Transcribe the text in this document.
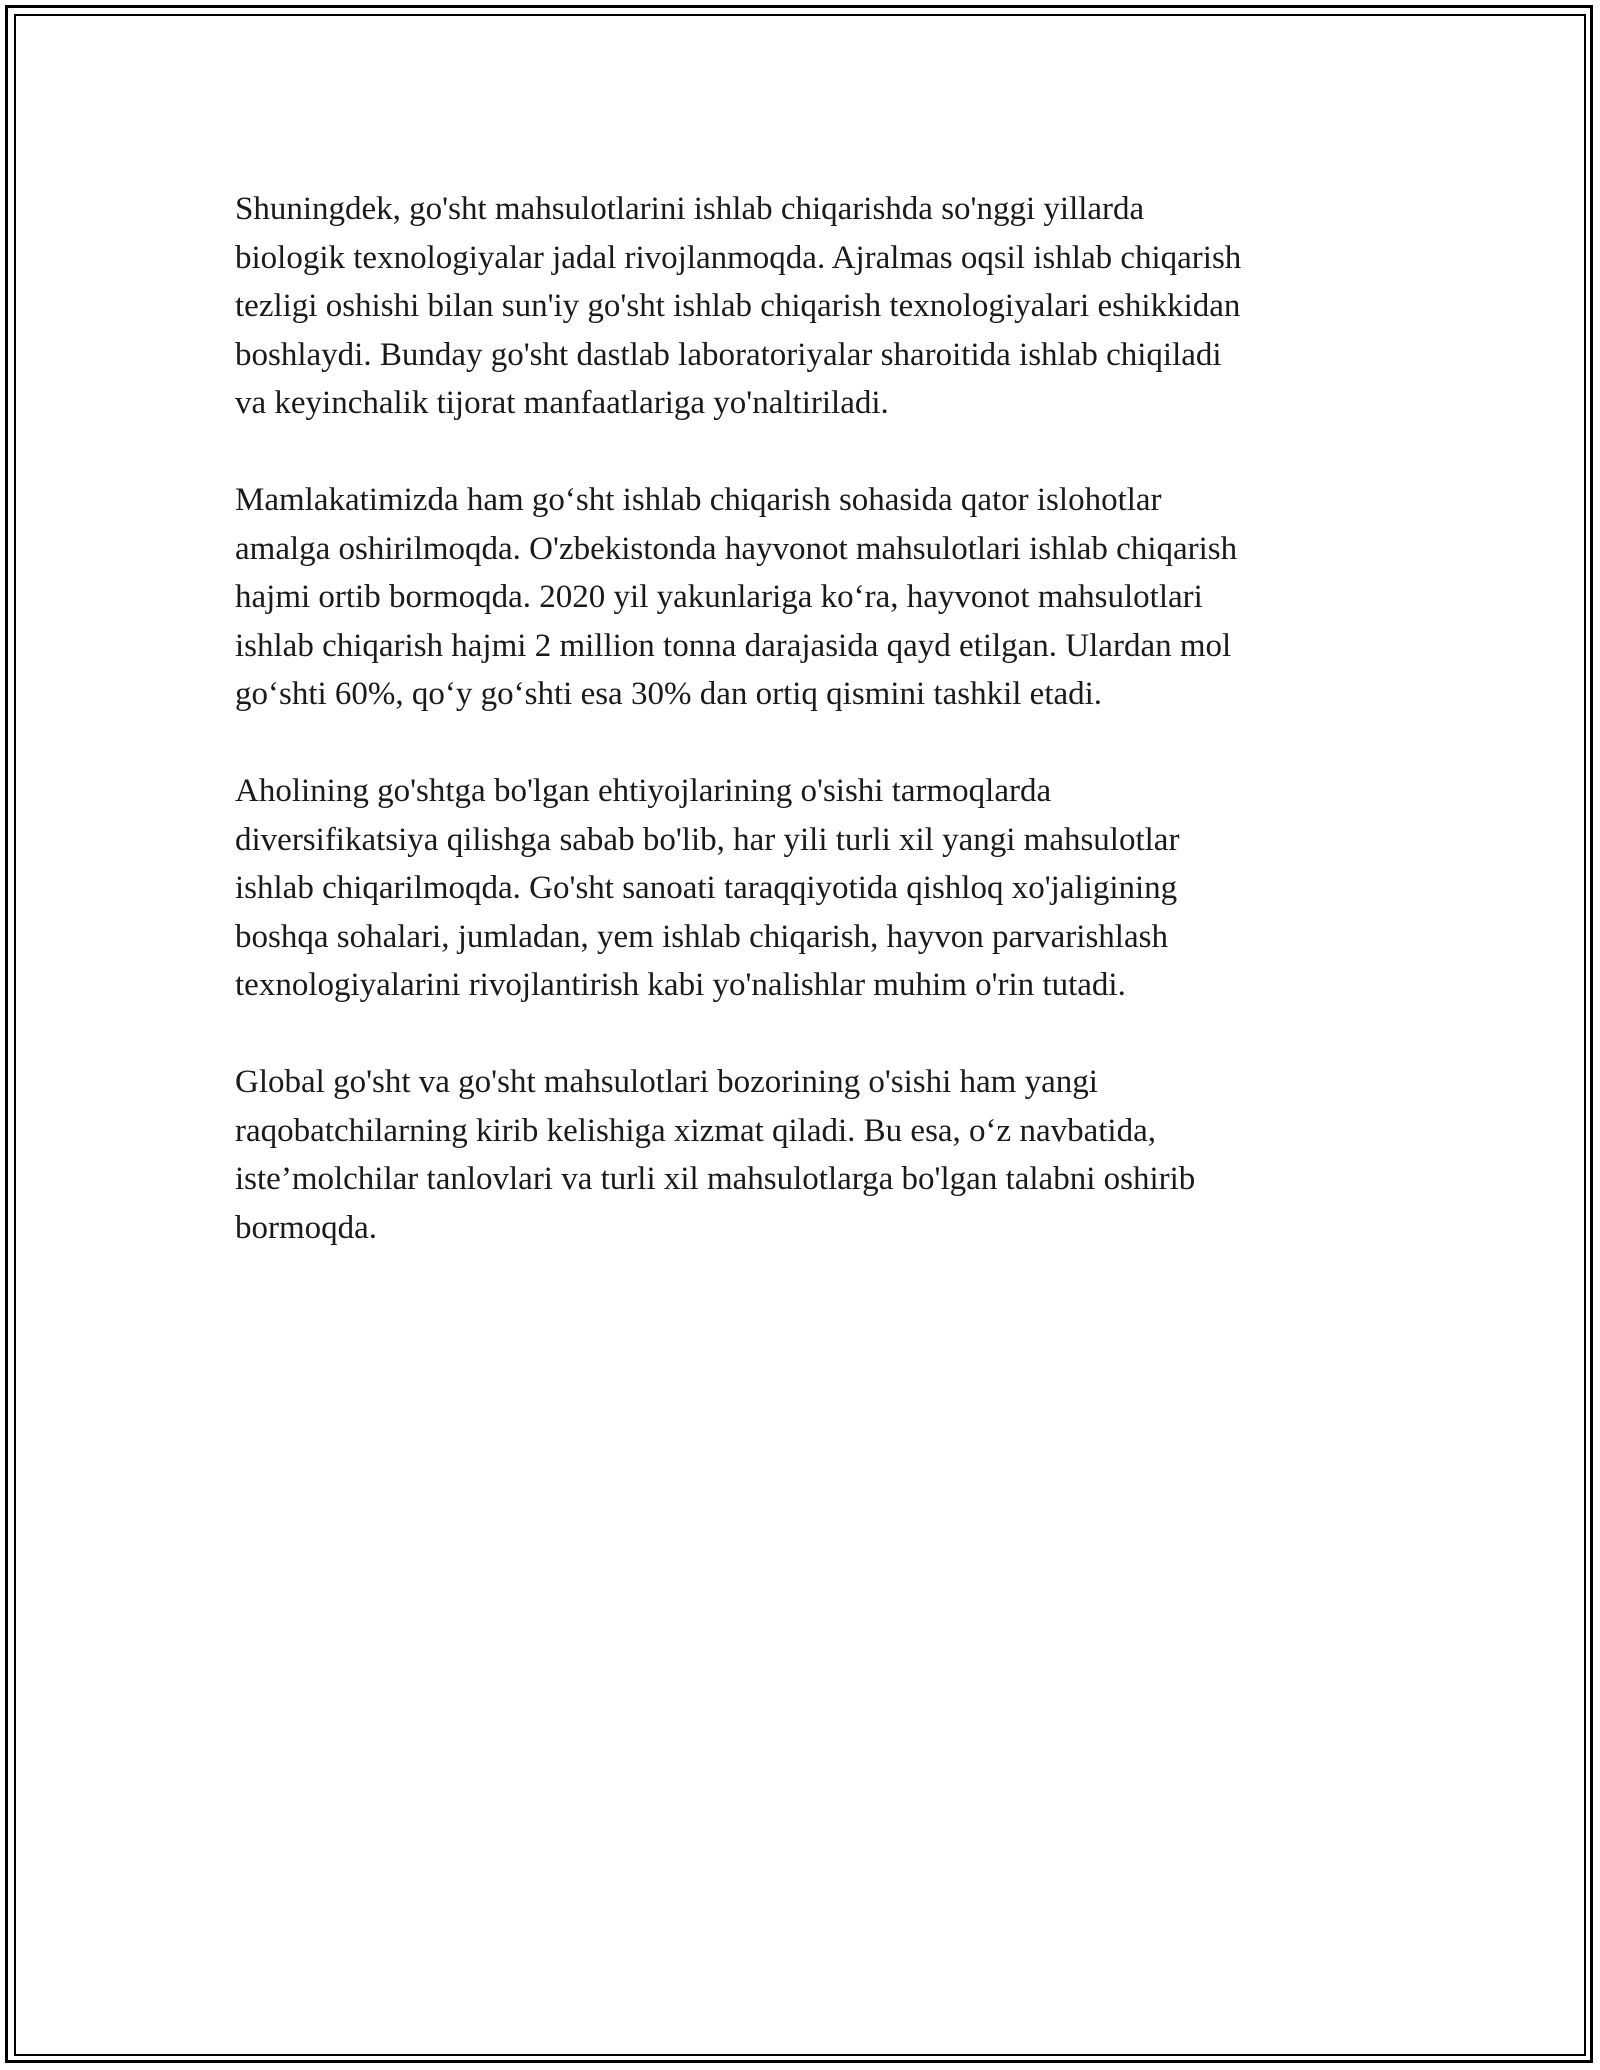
Shuningdek, go'sht mahsulotlarini ishlab chiqarishda so'nggi yillarda
biologik texnologiyalar jadal rivojlanmoqda. Ajralmas oqsil ishlab chiqarish
tezligi oshishi bilan sun'iy go'sht ishlab chiqarish texnologiyalari eshikkidan
boshlaydi. Bunday go'sht dastlab laboratoriyalar sharoitida ishlab chiqiladi
va keyinchalik tijorat manfaatlariga yo'naltiriladi.

Mamlakatimizda ham go‘sht ishlab chiqarish sohasida qator islohotlar
amalga oshirilmoqda. O'zbekistonda hayvonot mahsulotlari ishlab chiqarish
hajmi ortib bormoqda. 2020 yil yakunlariga ko‘ra, hayvonot mahsulotlari
ishlab chiqarish hajmi 2 million tonna darajasida qayd etilgan. Ulardan mol
go‘shti 60%, qo‘y go‘shti esa 30% dan ortiq qismini tashkil etadi.

Aholining go'shtga bo'lgan ehtiyojlarining o'sishi tarmoqlarda
diversifikatsiya qilishga sabab bo'lib, har yili turli xil yangi mahsulotlar
ishlab chiqarilmoqda. Go'sht sanoati taraqqiyotida qishloq xo'jaligining
boshqa sohalari, jumladan, yem ishlab chiqarish, hayvon parvarishlash
texnologiyalarini rivojlantirish kabi yo'nalishlar muhim o'rin tutadi.

Global go'sht va go'sht mahsulotlari bozorining o'sishi ham yangi
raqobatchilarning kirib kelishiga xizmat qiladi. Bu esa, o‘z navbatida,
iste’molchilar tanlovlari va turli xil mahsulotlarga bo'lgan talabni oshirib
bormoqda.
